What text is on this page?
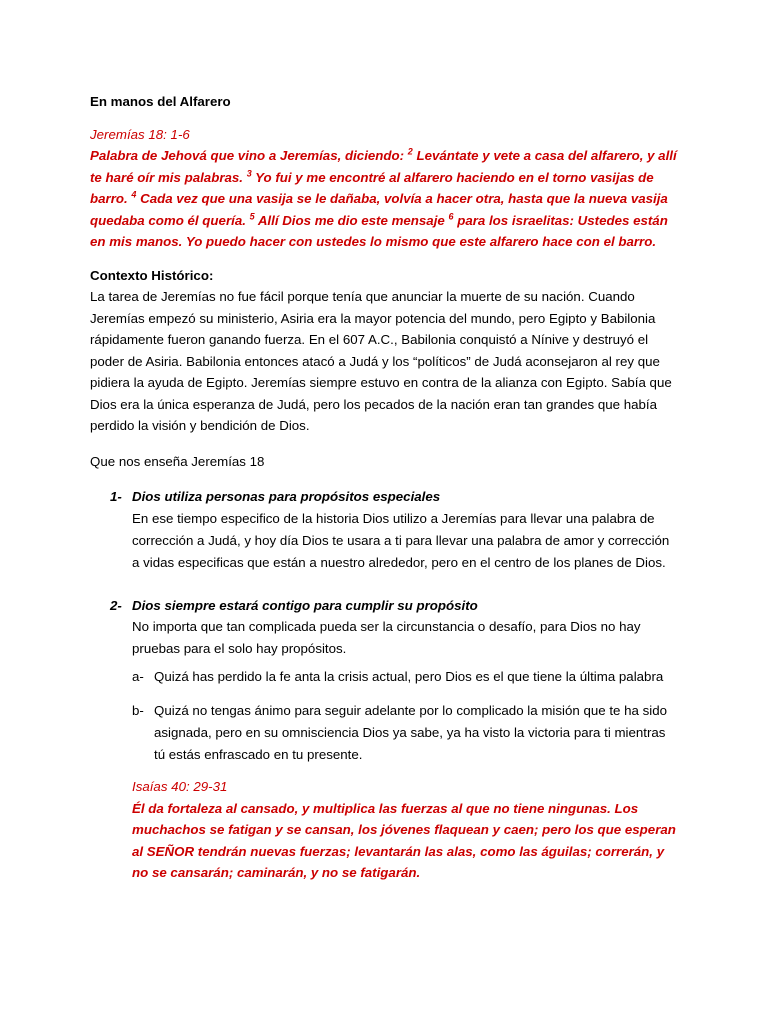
En manos del Alfarero
Jeremías 18: 1-6
Palabra de Jehová que vino a Jeremías, diciendo: $^2$ Levántate y vete a casa del alfarero, y allí te haré oír mis palabras. $^3$ Yo fui y me encontré al alfarero haciendo en el torno vasijas de barro. $^4$ Cada vez que una vasija se le dañaba, volvía a hacer otra, hasta que la nueva vasija quedaba como él quería. $^5$ Allí Dios me dio este mensaje $^6$ para los israelitas: Ustedes están en mis manos. Yo puedo hacer con ustedes lo mismo que este alfarero hace con el barro.
Contexto Histórico:
La tarea de Jeremías no fue fácil porque tenía que anunciar la muerte de su nación. Cuando Jeremías empezó su ministerio, Asiria era la mayor potencia del mundo, pero Egipto y Babilonia rápidamente fueron ganando fuerza. En el 607 A.C., Babilonia conquistó a Nínive y destruyó el poder de Asiria. Babilonia entonces atacó a Judá y los “políticos” de Judá aconsejaron al rey que pidiera la ayuda de Egipto. Jeremías siempre estuvo en contra de la alianza con Egipto. Sabía que Dios era la única esperanza de Judá, pero los pecados de la nación eran tan grandes que había perdido la visión y bendición de Dios.
Que nos enseña Jeremías 18
1- Dios utiliza personas para propósitos especiales
En ese tiempo especifico de la historia Dios utilizo a Jeremías para llevar una palabra de corrección a Judá, y hoy día Dios te usara a ti para llevar una palabra de amor y corrección a vidas especificas que están a nuestro alrededor, pero en el centro de los planes de Dios.
2- Dios siempre estará contigo para cumplir su propósito
No importa que tan complicada pueda ser la circunstancia o desafío, para Dios no hay pruebas para el solo hay propósitos.
a- Quizá has perdido la fe anta la crisis actual, pero Dios es el que tiene la última palabra
b- Quizá no tengas ánimo para seguir adelante por lo complicado la misión que te ha sido asignada, pero en su omnisciencia Dios ya sabe, ya ha visto la victoria para ti mientras tú estás enfrascado en tu presente.
Isaías 40: 29-31
Él da fortaleza al cansado, y multiplica las fuerzas al que no tiene ningunas. Los muchachos se fatigan y se cansan, los jóvenes flaquean y caen; pero los que esperan al SEÑOR tendrán nuevas fuerzas; levantarán las alas, como las águilas; correrán, y no se cansarán; caminarán, y no se fatigarán.
